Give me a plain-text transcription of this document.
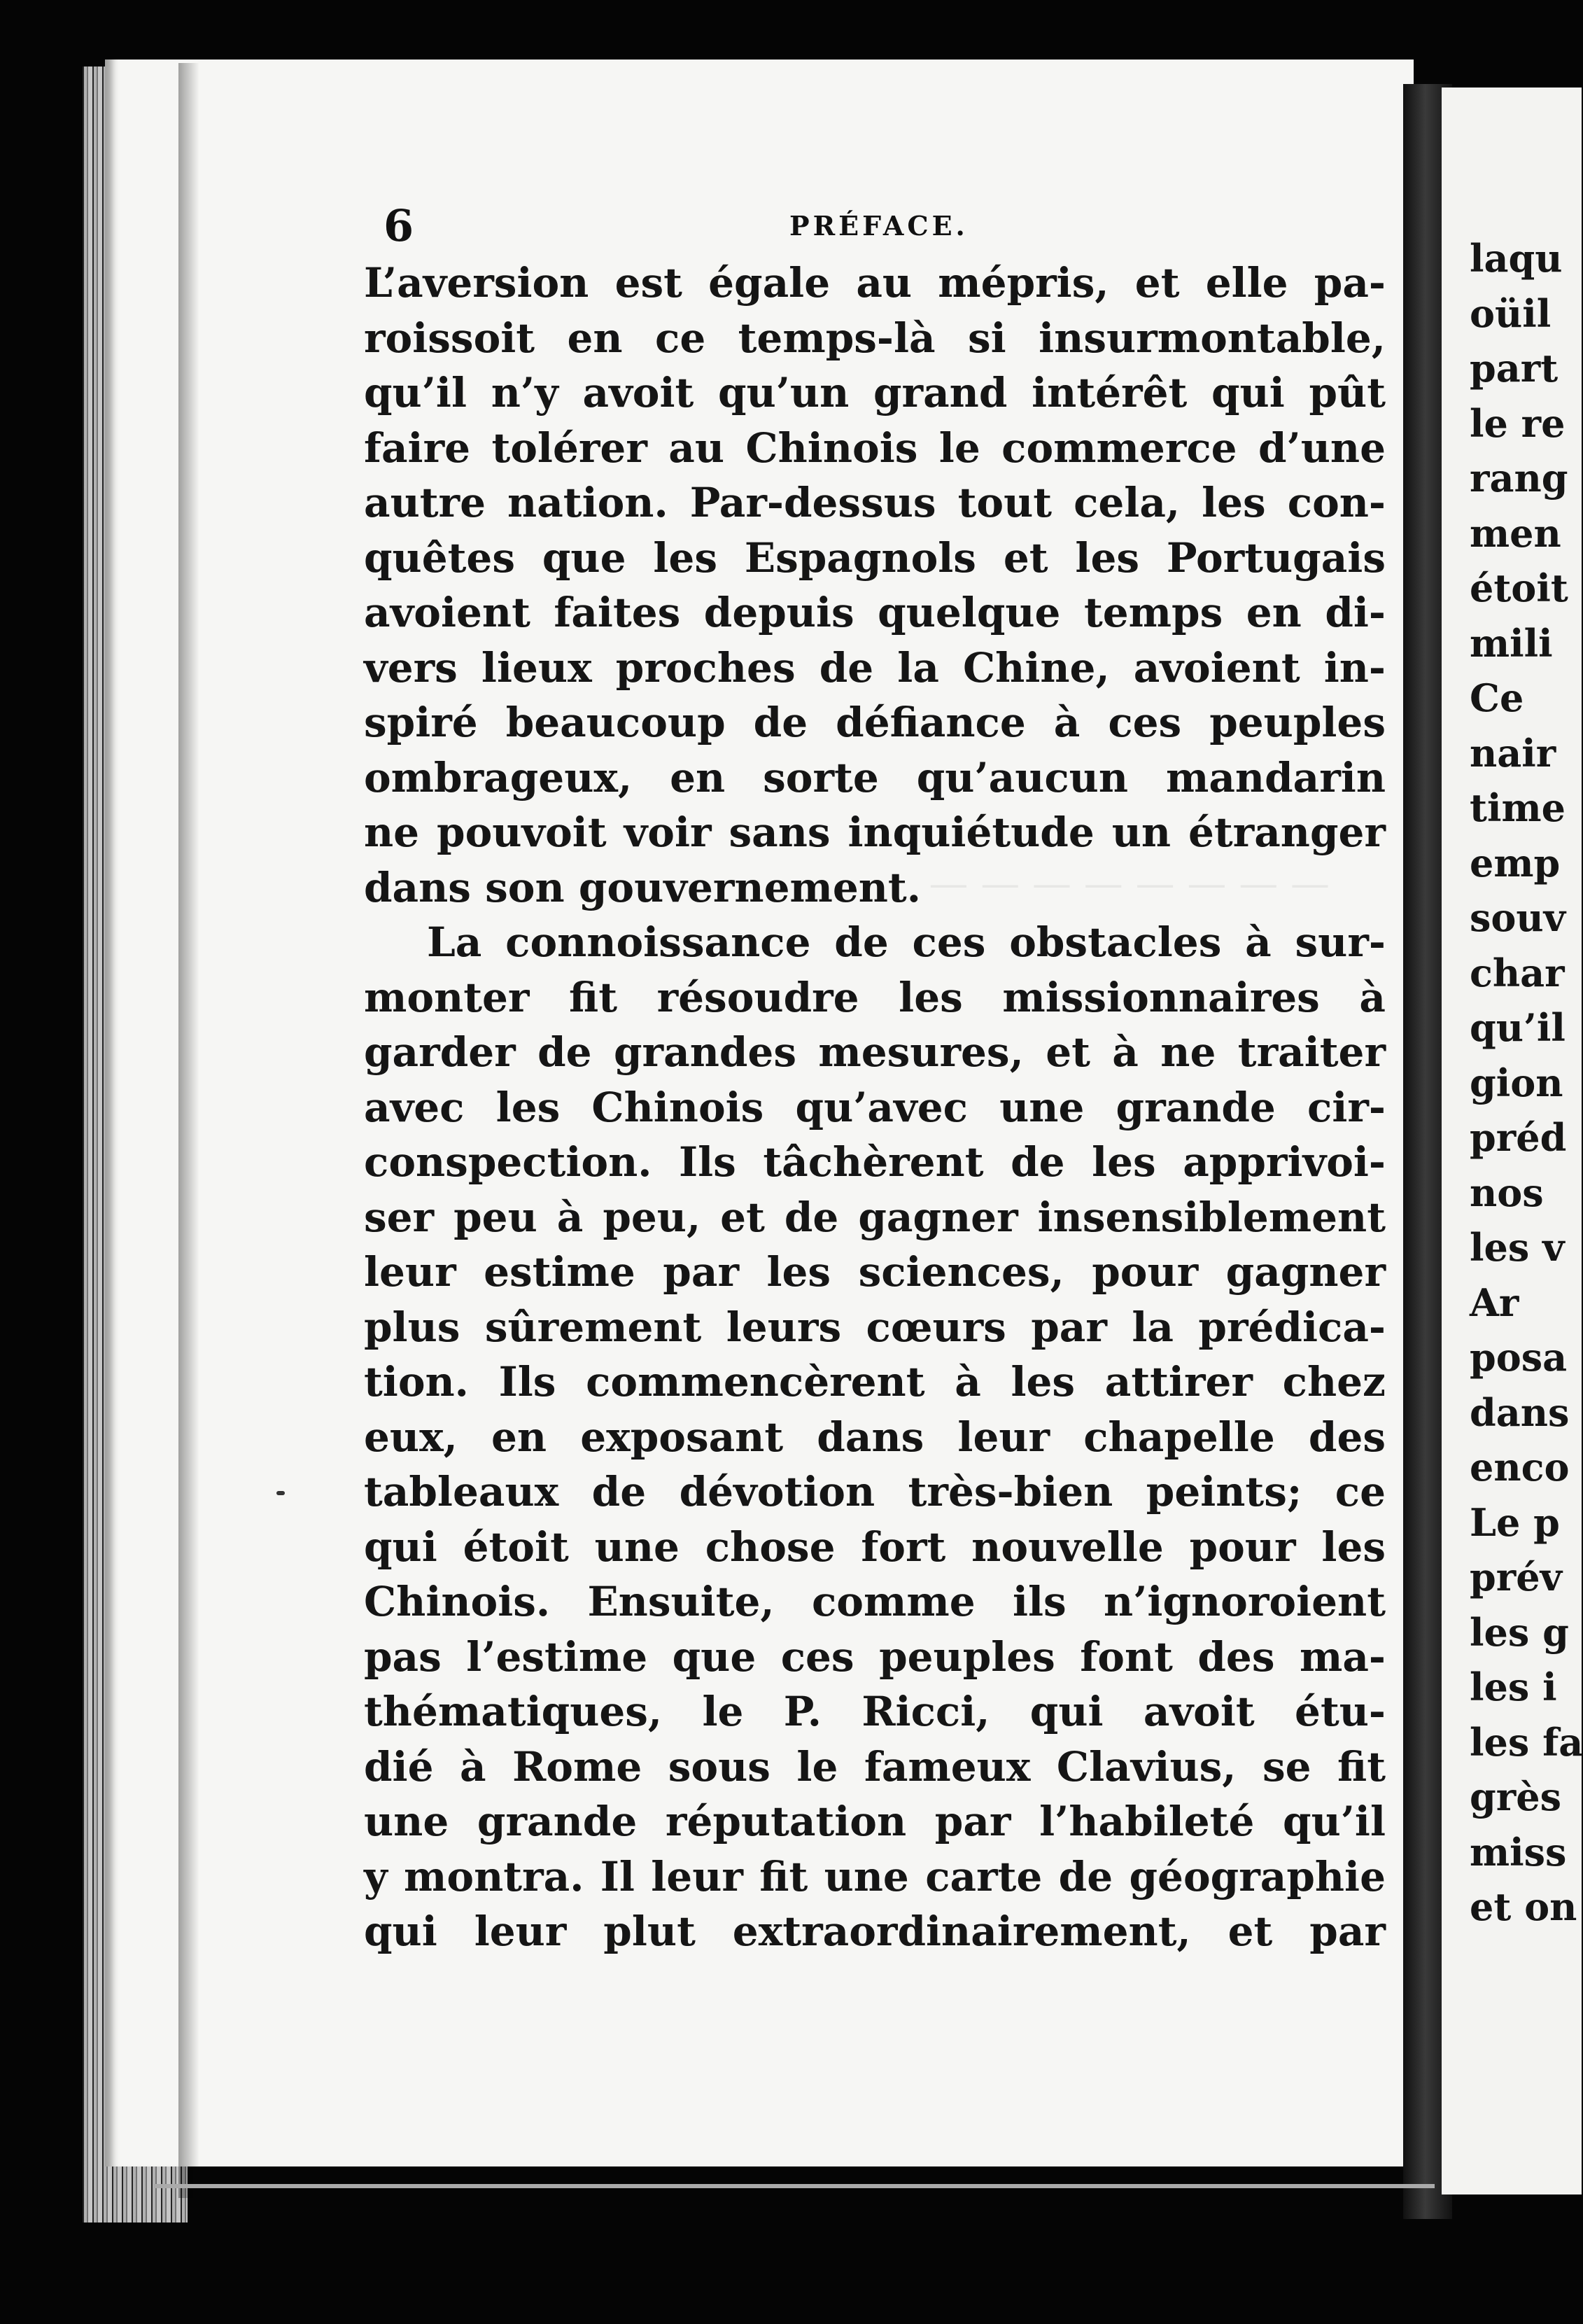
— — — — — — — —
6	PRÉFACE.
L’aversion est égale au mépris, et elle pa-
roissoit en ce temps-là si insurmontable,
qu’il n’y avoit qu’un grand intérêt qui pût
faire tolérer au Chinois le commerce d’une
autre nation. Par-dessus tout cela, les con-
quêtes que les Espagnols et les Portugais
avoient faites depuis quelque temps en di-
vers lieux proches de la Chine, avoient in-
spiré beaucoup de défiance à ces peuples
ombrageux, en sorte qu’aucun mandarin
ne pouvoit voir sans inquiétude un étranger
dans son gouvernement.
La connoissance de ces obstacles à sur-
monter fit résoudre les missionnaires à
garder de grandes mesures, et à ne traiter
avec les Chinois qu’avec une grande cir-
conspection. Ils tâchèrent de les apprivoi-
ser peu à peu, et de gagner insensiblement
leur estime par les sciences, pour gagner
plus sûrement leurs cœurs par la prédica-
tion. Ils commencèrent à les attirer chez
eux, en exposant dans leur chapelle des
tableaux de dévotion très-bien peints; ce
qui étoit une chose fort nouvelle pour les
Chinois. Ensuite, comme ils n’ignoroient
pas l’estime que ces peuples font des ma-
thématiques, le P. Ricci, qui avoit étu-
dié à Rome sous le fameux Clavius, se fit
une grande réputation par l’habileté qu’il
y montra. Il leur fit une carte de géographie
qui leur plut extraordinairement, et par
laqu
oüil
part
le re
rang
men
étoit
mili
Ce
nair
time
emp
souv
char
qu’il
gion
préd
nos
les v
Ar
posa
dans
enco
Le p
prév
les g
les i
les fa
grès
miss
et on
